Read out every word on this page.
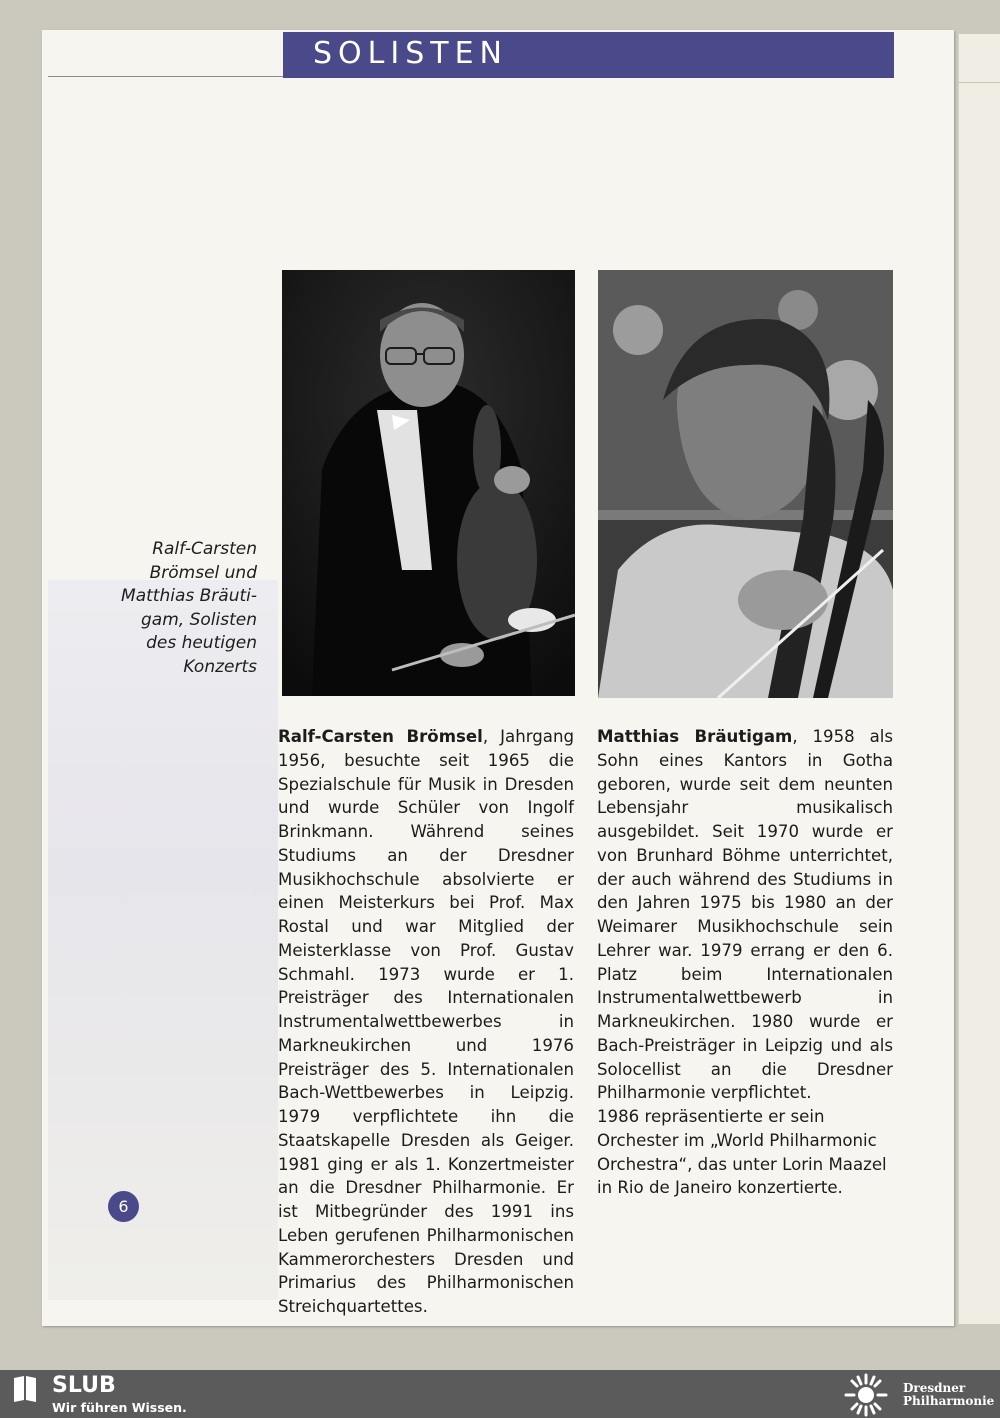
SOLISTEN
Ralf-Carsten
Brömsel und
Matthias Bräuti-
gam, Solisten
des heutigen
Konzerts

Ralf-Carsten Brömsel, Jahrgang 1956, besuchte seit 1965 die Spezialschule für Musik in Dresden und wurde Schüler von Ingolf Brinkmann. Während seines Studiums an der Dresdner Musikhochschule absolvierte er einen Meisterkurs bei Prof. Max Rostal und war Mitglied der Meisterklasse von Prof. Gustav Schmahl. 1973 wurde er 1. Preisträger des Internationalen Instrumentalwettbewerbes in Markneukirchen und 1976 Preisträger des 5. Internationalen Bach-Wettbewerbes in Leipzig. 1979 verpflichtete ihn die Staatskapelle Dresden als Geiger. 1981 ging er als 1. Konzertmeister an die Dresdner Philharmonie. Er ist Mitbegründer des 1991 ins Leben gerufenen Philharmonischen Kammerorchesters Dresden und Primarius des Philharmonischen Streichquartettes.

Matthias Bräutigam, 1958 als Sohn eines Kantors in Gotha geboren, wurde seit dem neunten Lebensjahr musikalisch ausgebildet. Seit 1970 wurde er von Brunhard Böhme unterrichtet, der auch während des Studiums in den Jahren 1975 bis 1980 an der Weimarer Musikhochschule sein Lehrer war. 1979 errang er den 6. Platz beim Internationalen Instrumentalwettbewerb in Markneukirchen. 1980 wurde er Bach-Preisträger in Leipzig und als Solocellist an die Dresdner Philharmonie verpflichtet.

1986 repräsentierte er sein Orchester im „World Philharmonic Orchestra“, das unter Lorin Maazel in Rio de Janeiro konzertierte.

6
SLUB
Wir führen Wissen.
Dresdner
Philharmonie
